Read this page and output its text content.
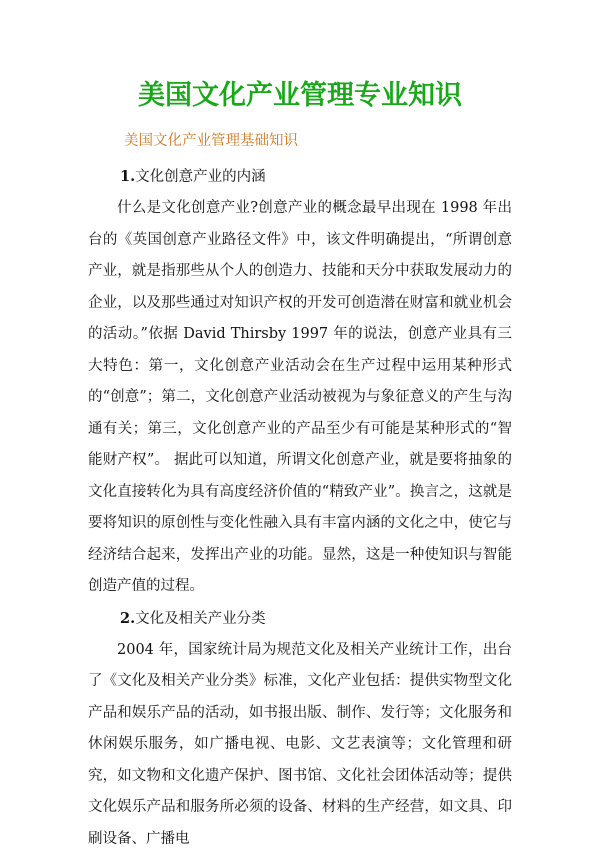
美国文化产业管理专业知识
美国文化产业管理基础知识
1.文化创意产业的内涵

什么是文化创意产业?创意产业的概念最早出现在 1998 年出台的《英国创意产业路径文件》中，该文件明确提出，“所谓创意产业，就是指那些从个人的创造力、技能和天分中获取发展动力的企业，以及那些通过对知识产权的开发可创造潜在财富和就业机会的活动。”依据 David Thirsby 1997 年的说法，创意产业具有三大特色：第一，文化创意产业活动会在生产过程中运用某种形式的“创意”；第二，文化创意产业活动被视为与象征意义的产生与沟通有关；第三，文化创意产业的产品至少有可能是某种形式的“智能财产权”。 据此可以知道，所谓文化创意产业，就是要将抽象的文化直接转化为具有高度经济价值的“精致产业”。换言之，这就是要将知识的原创性与变化性融入具有丰富内涵的文化之中，使它与经济结合起来，发挥出产业的功能。显然，这是一种使知识与智能创造产值的过程。

2.文化及相关产业分类

2004 年，国家统计局为规范文化及相关产业统计工作，出台了《文化及相关产业分类》标准，文化产业包括：提供实物型文化产品和娱乐产品的活动，如书报出版、制作、发行等；文化服务和休闲娱乐服务，如广播电视、电影、文艺表演等；文化管理和研究，如文物和文化遗产保护、图书馆、文化社会团体活动等；提供文化娱乐产品和服务所必须的设备、材料的生产经营，如文具、印刷设备、广播电
